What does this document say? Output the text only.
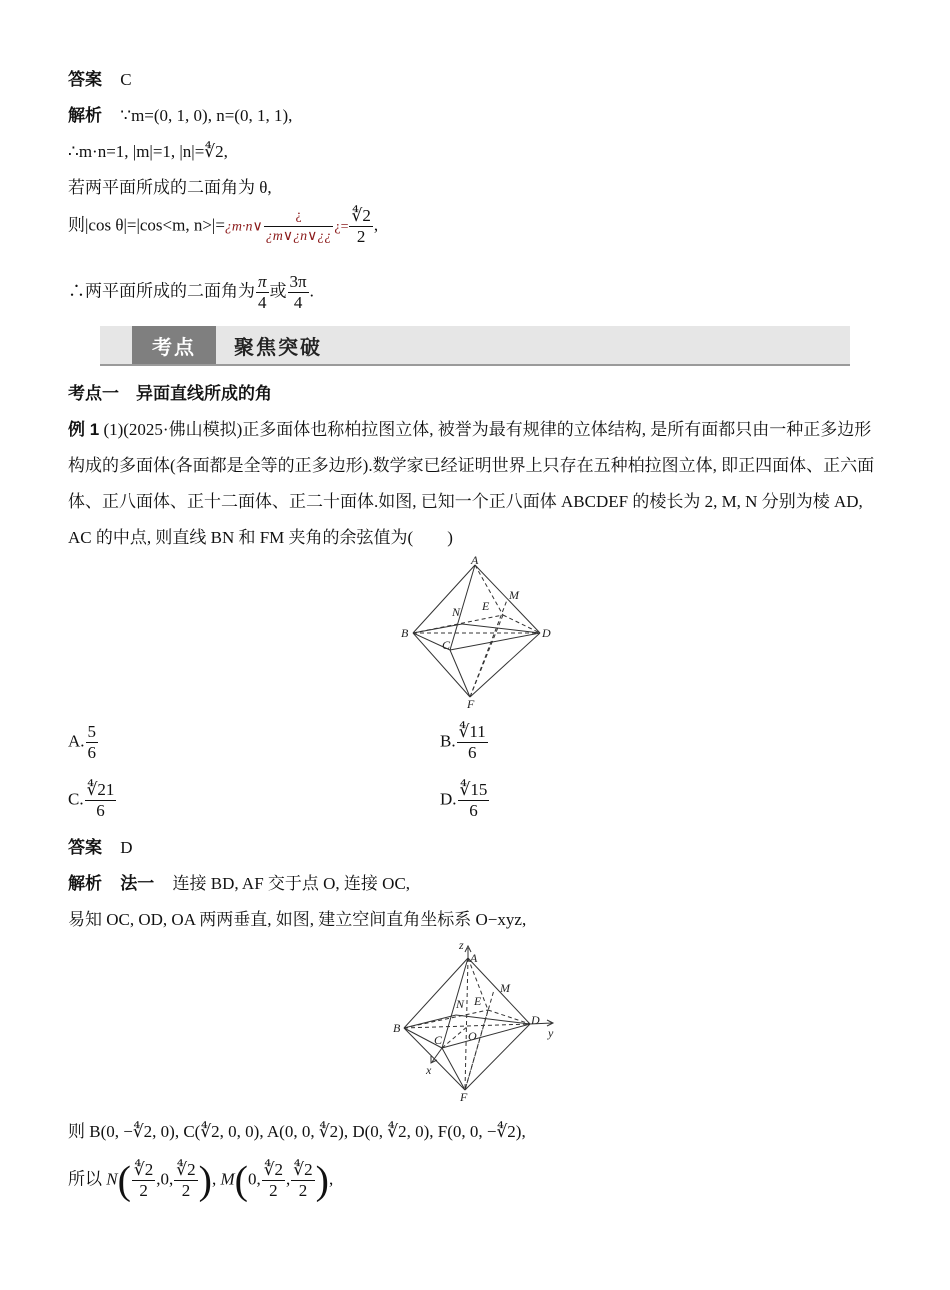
答案 C
解析 ∵m=(0, 1, 0), n=(0, 1, 1),
∴m·n=1, |m|=1, |n|=∜2,
若两平面所成的二面角为 θ,
则|cos θ|=|cos<m, n>|=¿m·n∨ $\frac{¿}{¿m\vee¿n\vee¿¿}$ ¿= $\frac{∜2}{2}$ ,
∴两平面所成的二面角为 $\frac{\pi}{4}$ 或 $\frac{3\pi}{4}$ .
考点	聚焦突破
考点一　异面直线所成的角
例 1 (1)(2025·佛山模拟)正多面体也称柏拉图立体, 被誉为最有规律的立体结构, 是所有面都只由一种正多边形构成的多面体(各面都是全等的正多边形).数学家已经证明世界上只存在五种柏拉图立体, 即正四面体、正六面体、正八面体、正十二面体、正二十面体.如图, 已知一个正八面体 ABCDEF 的棱长为 2, M, N 分别为棱 AD, AC 的中点, 则直线 BN 和 FM 夹角的余弦值为(　　)
A
M
E
N
B
C
D
F
A. $\frac{5}{6}$	B. $\frac{∜11}{6}$
C. $\frac{∜21}{6}$	D. $\frac{∜15}{6}$
答案 D
解析 法一 连接 BD, AF 交于点 O, 连接 OC,
易知 OC, OD, OA 两两垂直, 如图, 建立空间直角坐标系 O−xyz,
z
A
M
E
N
B
O
D
y
C
x
F
则 B(0, −∜2, 0), C(∜2, 0, 0), A(0, 0, ∜2), D(0, ∜2, 0), F(0, 0, −∜2),
所以 $N( \frac{∜2}{2} ,0$, $\frac{∜2}{2}$ ), M(0, $\frac{∜2}{2}$ , $\frac{∜2}{2}$ ),
